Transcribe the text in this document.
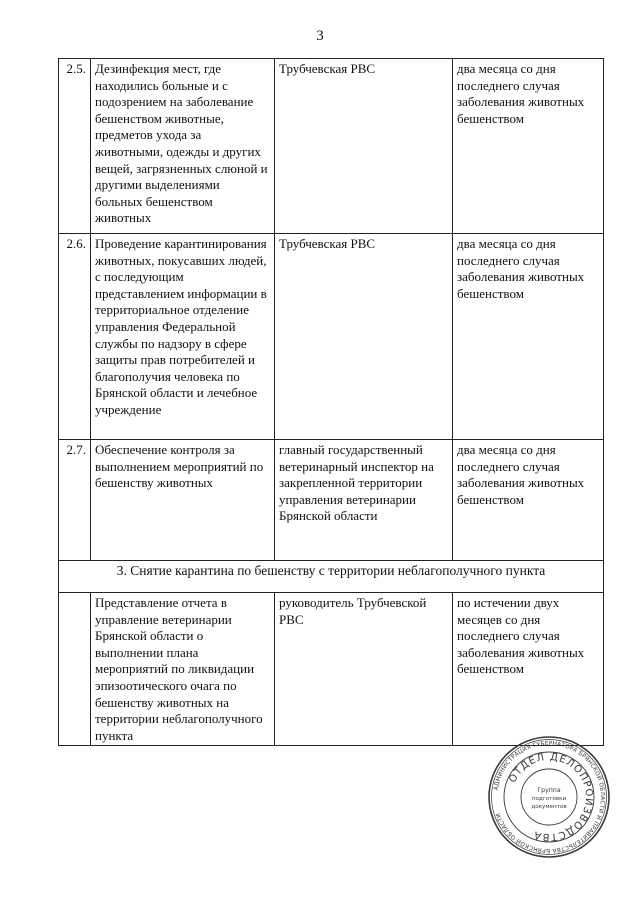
3
2.5.	Дезинфекция мест, где находились больные и с подозрением на заболевание бешенством животные, предметов ухода за животными, одежды и других вещей, загрязненных слюной и другими выделениями больных бешенством животных	Трубчевская РВС	два месяца со дня последнего случая заболевания животных бешенством
2.6.	Проведение карантинирования животных, покусавших людей, с последующим представлением информации в территориальное отделение управления Федеральной службы по надзору в сфере защиты прав потребителей и благополучия человека по Брянской области и лечебное учреждение	Трубчевская РВС	два месяца со дня последнего случая заболевания животных бешенством
2.7.	Обеспечение контроля за выполнением мероприятий по бешенству животных	главный государственный ветеринарный инспектор на закрепленной территории управления ветеринарии Брянской области	два месяца со дня последнего случая заболевания животных бешенством
3. Снятие карантина по бешенству с территории неблагополучного пункта			
	Представление отчета в управление ветеринарии Брянской области о выполнении плана мероприятий по ликвидации эпизоотического очага по бешенству животных на территории неблагополучного пункта	руководитель Трубчевской РВС	по истечении двух месяцев со дня последнего случая заболевания животных бешенством
АДМИНИСТРАЦИЯ ГУБЕРНАТОРА БРЯНСКОЙ ОБЛАСТИ И ПРАВИТЕЛЬСТВА БРЯНСКОЙ ОБЛАСТИ
ОТДЕЛ ДЕЛОПРОИЗВОДСТВА
Группа
подготовки
документов
